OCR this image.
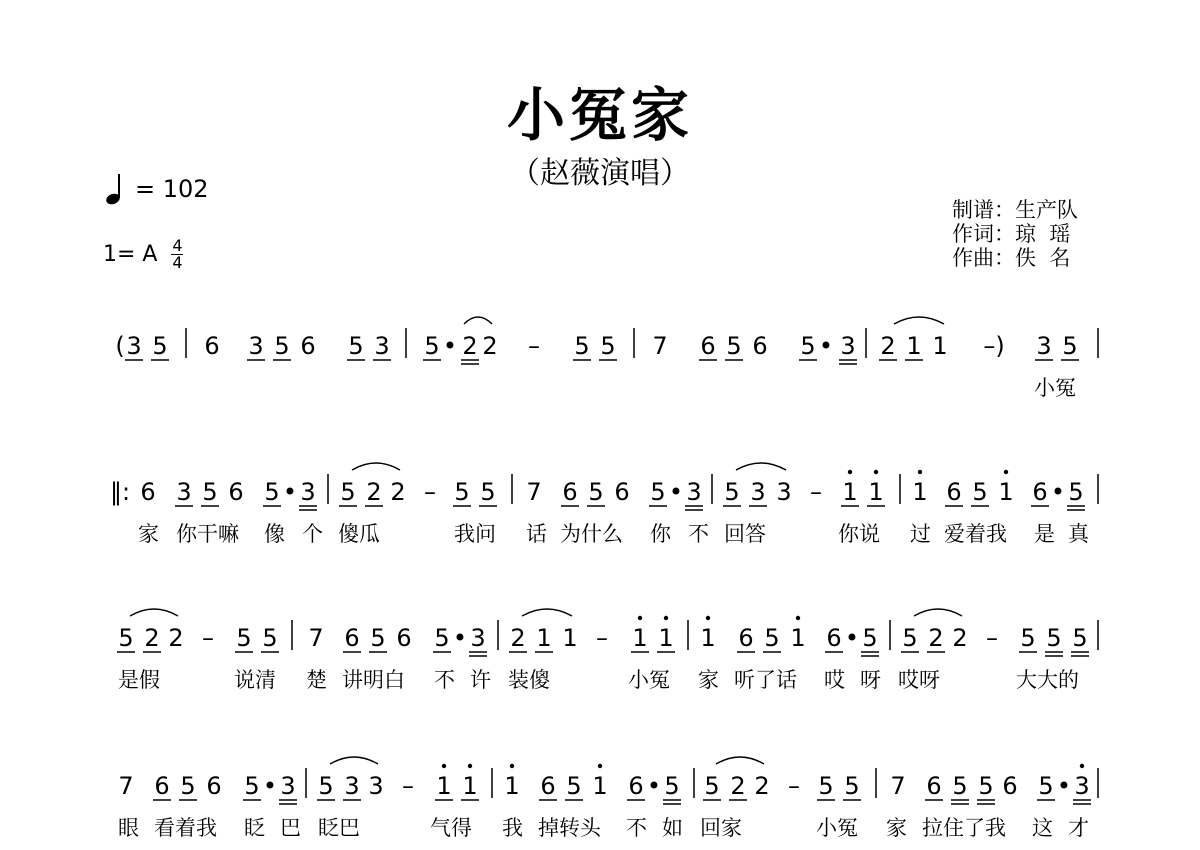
小冤家
（赵薇演唱）
= 102
1= A 4
4
制谱：生产队
作词：琼  瑶
作曲：佚  名
( 3 5 6 3 5 6 5 3 5 • 2 2 – 5 5 7 6 5 6 5 • 3 2 1 1 –) 3 5
‖: 6 3 5 6 5 • 3 5 2 2 – 5 5 7 6 5 6 5 • 3 5 3 3 – 1 1 1 6 5 1 6 • 5
5 2 2 – 5 5 7 6 5 6 5 • 3 2 1 1 – 1 1 1 6 5 1 6 • 5 5 2 2 – 5 5 5
7 6 5 6 5 • 3 5 3 3 – 1 1 1 6 5 1 6 • 5 5 2 2 – 5 5 7 6 5 5 6 5 • 3
小冤
家 你干嘛 像 个 傻瓜	我问 话 为什么 你 不 回答	你说 过 爱着我 是 真
是假	说清 楚 讲明白 不 许 装傻	小冤 家 听了话 哎 呀 哎呀	大大的
眼 看着我 眨 巴 眨巴	气得 我 掉转头 不 如 回家	小冤 家 拉住了我 这 才
